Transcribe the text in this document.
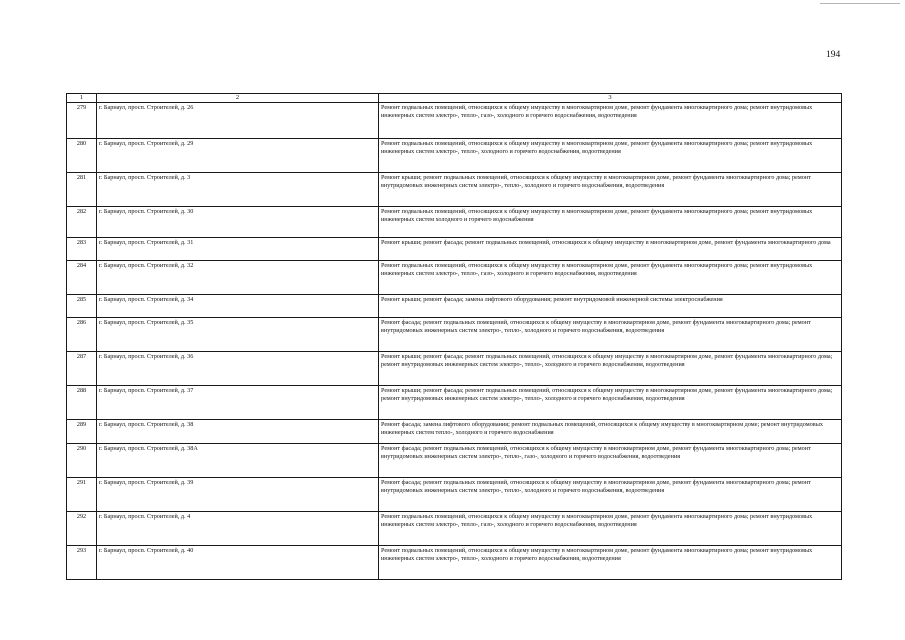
194
1	2	3
279	г. Барнаул, просп. Строителей, д. 26	Ремонт подвальных помещений, относящихся к общему имуществу в многоквартирном доме, ремонт фундамента многоквартирного дома; ремонт внутридомовых инженерных систем электро-, тепло-, газо-, холодного и горячего водоснабжения, водоотведения
280	г. Барнаул, просп. Строителей, д. 29	Ремонт подвальных помещений, относящихся к общему имуществу в многоквартирном доме, ремонт фундамента многоквартирного дома; ремонт внутридомовых инженерных систем электро-, тепло-, холодного и горячего водоснабжения, водоотведения
281	г. Барнаул, просп. Строителей, д. 3	Ремонт крыши; ремонт подвальных помещений, относящихся к общему имуществу в многоквартирном доме, ремонт фундамента многоквартирного дома; ремонт внутридомовых инженерных систем электро-, тепло-, холодного и горячего водоснабжения, водоотведения
282	г. Барнаул, просп. Строителей, д. 30	Ремонт подвальных помещений, относящихся к общему имуществу в многоквартирном доме, ремонт фундамента многоквартирного дома; ремонт внутридомовых инженерных систем холодного и горячего водоснабжения
283	г. Барнаул, просп. Строителей, д. 31	Ремонт крыши; ремонт фасада; ремонт подвальных помещений, относящихся к общему имуществу в многоквартирном доме, ремонт фундамента многоквартирного дома
284	г. Барнаул, просп. Строителей, д. 32	Ремонт подвальных помещений, относящихся к общему имуществу в многоквартирном доме, ремонт фундамента многоквартирного дома; ремонт внутридомовых инженерных систем электро-, тепло-, газо-, холодного и горячего водоснабжения, водоотведения
285	г. Барнаул, просп. Строителей, д. 34	Ремонт крыши; ремонт фасада; замена лифтового оборудования; ремонт внутридомовой инженерной системы электроснабжения
286	г. Барнаул, просп. Строителей, д. 35	Ремонт фасада; ремонт подвальных помещений, относящихся к общему имуществу в многоквартирном доме, ремонт фундамента многоквартирного дома; ремонт внутридомовых инженерных систем электро-, тепло-, холодного и горячего водоснабжения, водоотведения
287	г. Барнаул, просп. Строителей, д. 36	Ремонт крыши; ремонт фасада; ремонт подвальных помещений, относящихся к общему имуществу в многоквартирном доме, ремонт фундамента многоквартирного дома; ремонт внутридомовых инженерных систем электро-, тепло-, холодного и горячего водоснабжения, водоотведения
288	г. Барнаул, просп. Строителей, д. 37	Ремонт крыши; ремонт фасада; ремонт подвальных помещений, относящихся к общему имуществу в многоквартирном доме, ремонт фундамента многоквартирного дома; ремонт внутридомовых инженерных систем электро-, тепло-, холодного и горячего водоснабжения, водоотведения
289	г. Барнаул, просп. Строителей, д. 38	Ремонт фасада; замена лифтового оборудования; ремонт подвальных помещений, относящихся к общему имуществу в многоквартирном доме; ремонт внутридомовых инженерных систем тепло-, холодного и горячего водоснабжения
290	г. Барнаул, просп. Строителей, д. 38А	Ремонт фасада; ремонт подвальных помещений, относящихся к общему имуществу в многоквартирном доме, ремонт фундамента многоквартирного дома; ремонт внутридомовых инженерных систем электро-, тепло-, газо-, холодного и горячего водоснабжения, водоотведения
291	г. Барнаул, просп. Строителей, д. 39	Ремонт фасада; ремонт подвальных помещений, относящихся к общему имуществу в многоквартирном доме, ремонт фундамента многоквартирного дома; ремонт внутридомовых инженерных систем электро-, тепло-, холодного и горячего водоснабжения, водоотведения
292	г. Барнаул, просп. Строителей, д. 4	Ремонт подвальных помещений, относящихся к общему имуществу в многоквартирном доме, ремонт фундамента многоквартирного дома; ремонт внутридомовых инженерных систем электро-, тепло-, газо-, холодного и горячего водоснабжения, водоотведения
293	г. Барнаул, просп. Строителей, д. 40	Ремонт подвальных помещений, относящихся к общему имуществу в многоквартирном доме, ремонт фундамента многоквартирного дома; ремонт внутридомовых инженерных систем электро-, тепло-, холодного и горячего водоснабжения, водоотведения
